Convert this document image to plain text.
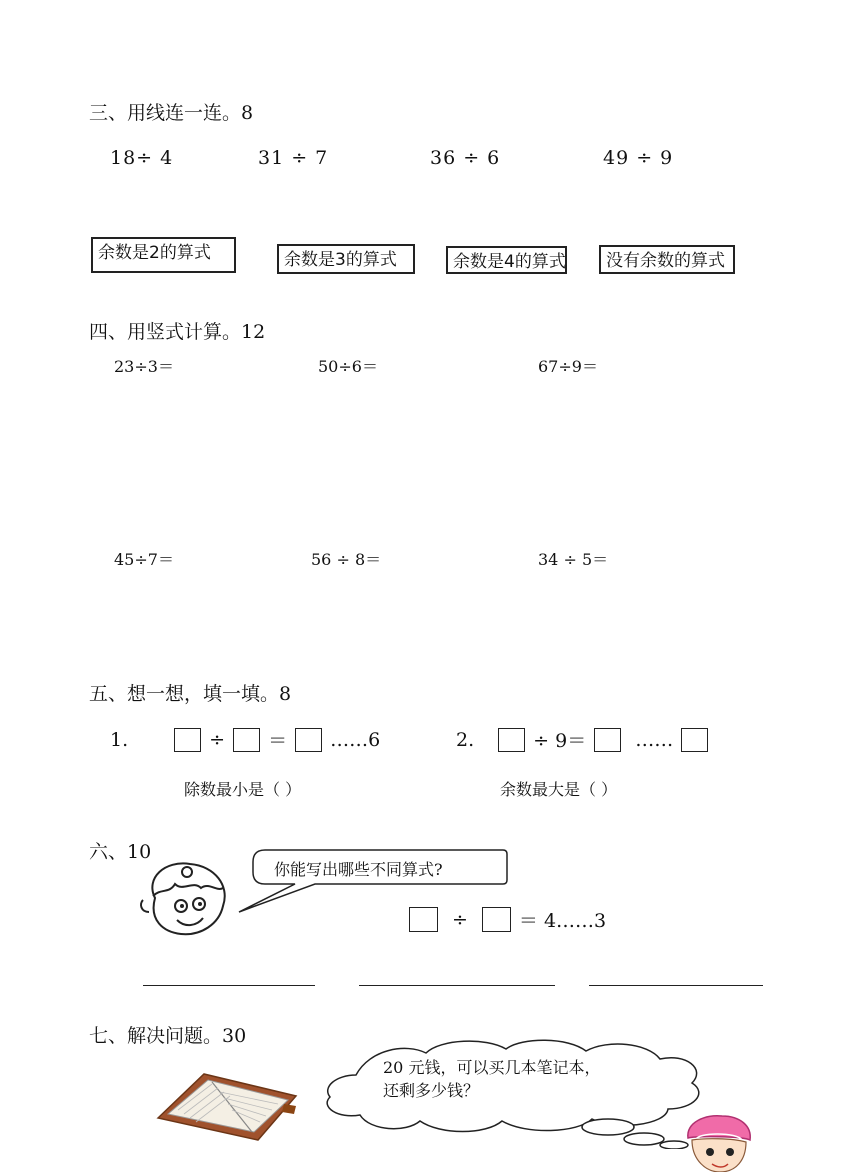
三、用线连一连。8
18÷ 4	31 ÷ 7	36 ÷ 6	49 ÷ 9
余数是2的算式	余数是3的算式	余数是4的算式	没有余数的算式
四、用竖式计算。12
23÷3＝	50÷6＝	67÷9＝
45÷7＝	56 ÷ 8＝	34 ÷ 5＝
五、想一想，填一填。8
1.	÷ ＝ ……6
除数最小是（ ）
2.	÷ 9＝	……
余数最大是（ ）
六、10
你能写出哪些不同算式?
÷	＝ 4……3
七、解决问题。30
20 元钱，可以买几本笔记本，
还剩多少钱？
